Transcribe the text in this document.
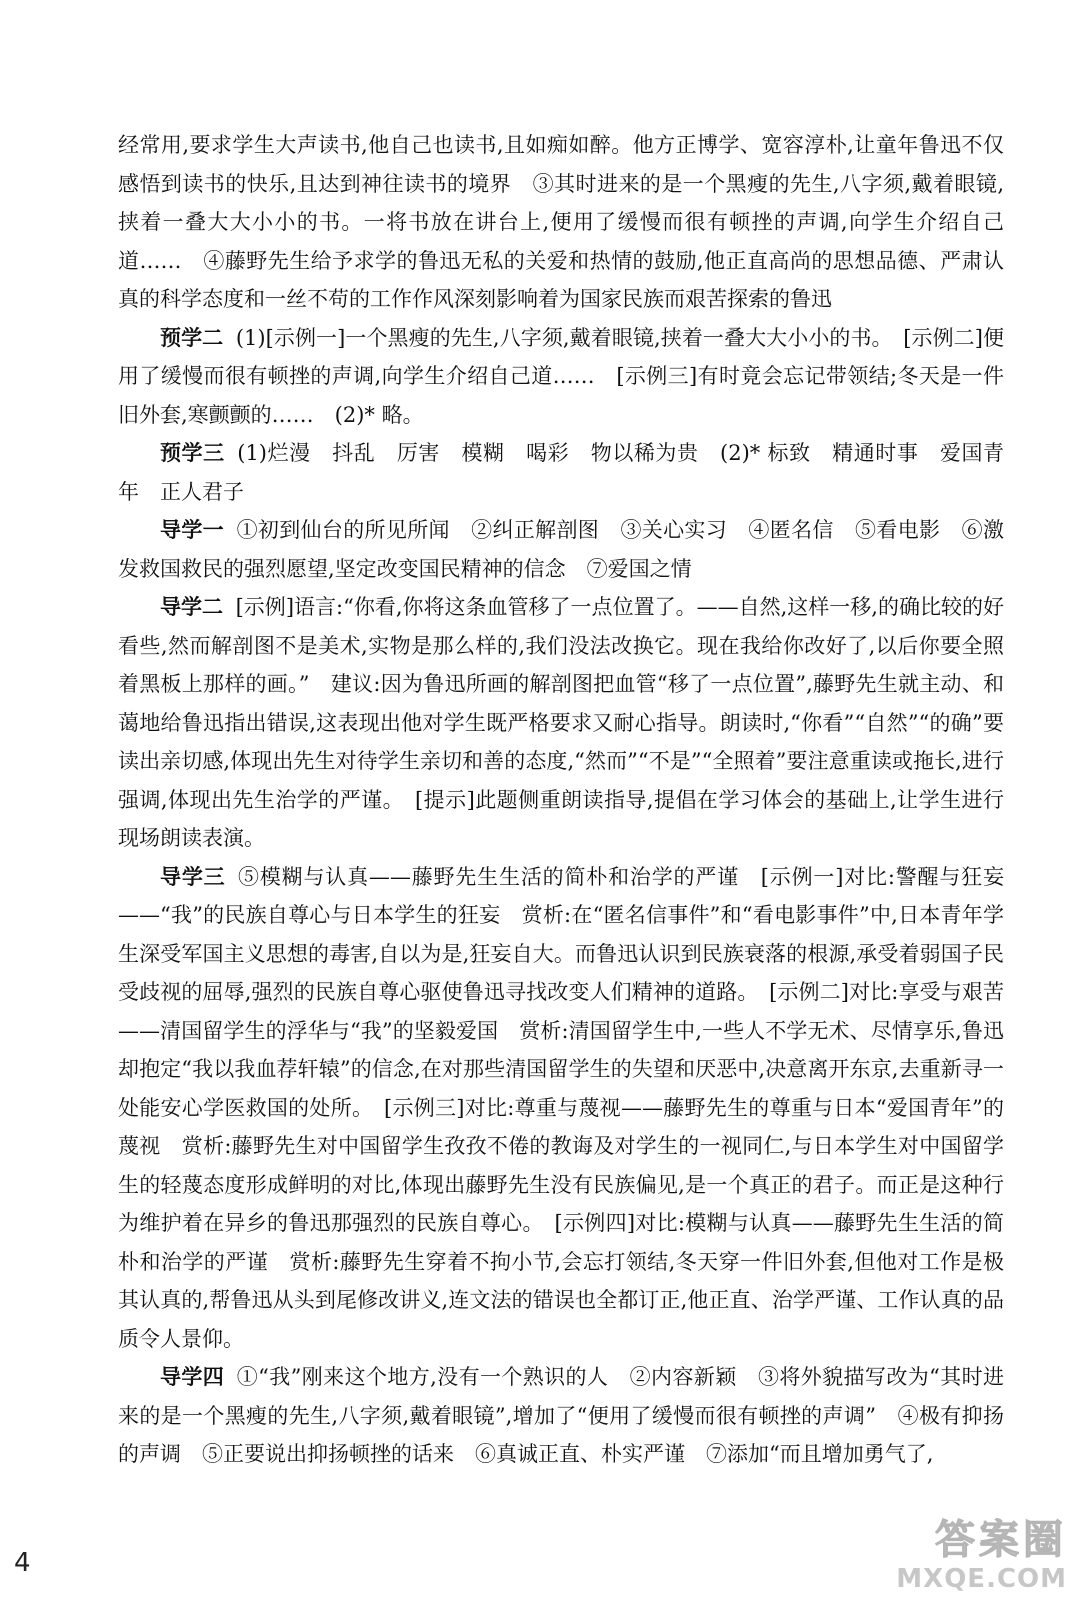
经常用,要求学生大声读书,他自己也读书,且如痴如醉。他方正博学、宽容淳朴,让童年鲁迅不仅感悟到读书的快乐,且达到神往读书的境界　③其时进来的是一个黑瘦的先生,八字须,戴着眼镜,挟着一叠大大小小的书。一将书放在讲台上,便用了缓慢而很有顿挫的声调,向学生介绍自己道……　④藤野先生给予求学的鲁迅无私的关爱和热情的鼓励,他正直高尚的思想品德、严肃认真的科学态度和一丝不苟的工作作风深刻影响着为国家民族而艰苦探索的鲁迅

预学二 (1)[示例一]一个黑瘦的先生,八字须,戴着眼镜,挟着一叠大大小小的书。　[示例二]便用了缓慢而很有顿挫的声调,向学生介绍自己道……　[示例三]有时竟会忘记带领结;冬天是一件旧外套,寒颤颤的……　(2)* 略。

预学三 (1)烂漫　抖乱　厉害　模糊　喝彩　物以稀为贵　(2)* 标致　精通时事　爱国青年　正人君子

导学一 ①初到仙台的所见所闻　②纠正解剖图　③关心实习　④匿名信　⑤看电影　⑥激发救国救民的强烈愿望,坚定改变国民精神的信念　⑦爱国之情

导学二 [示例]语言:“你看,你将这条血管移了一点位置了。——自然,这样一移,的确比较的好看些,然而解剖图不是美术,实物是那么样的,我们没法改换它。现在我给你改好了,以后你要全照着黑板上那样的画。”　建议:因为鲁迅所画的解剖图把血管“移了一点位置”,藤野先生就主动、和蔼地给鲁迅指出错误,这表现出他对学生既严格要求又耐心指导。朗读时,“你看”“自然”“的确”要读出亲切感,体现出先生对待学生亲切和善的态度,“然而”“不是”“全照着”要注意重读或拖长,进行强调,体现出先生治学的严谨。　[提示]此题侧重朗读指导,提倡在学习体会的基础上,让学生进行现场朗读表演。

导学三 ⑤模糊与认真——藤野先生生活的简朴和治学的严谨　[示例一]对比:警醒与狂妄——“我”的民族自尊心与日本学生的狂妄　赏析:在“匿名信事件”和“看电影事件”中,日本青年学生深受军国主义思想的毒害,自以为是,狂妄自大。而鲁迅认识到民族衰落的根源,承受着弱国子民受歧视的屈辱,强烈的民族自尊心驱使鲁迅寻找改变人们精神的道路。　[示例二]对比:享受与艰苦——清国留学生的浮华与“我”的坚毅爱国　赏析:清国留学生中,一些人不学无术、尽情享乐,鲁迅却抱定“我以我血荐轩辕”的信念,在对那些清国留学生的失望和厌恶中,决意离开东京,去重新寻一处能安心学医救国的处所。　[示例三]对比:尊重与蔑视——藤野先生的尊重与日本“爱国青年”的蔑视　赏析:藤野先生对中国留学生孜孜不倦的教诲及对学生的一视同仁,与日本学生对中国留学生的轻蔑态度形成鲜明的对比,体现出藤野先生没有民族偏见,是一个真正的君子。而正是这种行为维护着在异乡的鲁迅那强烈的民族自尊心。　[示例四]对比:模糊与认真——藤野先生生活的简朴和治学的严谨　赏析:藤野先生穿着不拘小节,会忘打领结,冬天穿一件旧外套,但他对工作是极其认真的,帮鲁迅从头到尾修改讲义,连文法的错误也全都订正,他正直、治学严谨、工作认真的品质令人景仰。

导学四 ①“我”刚来这个地方,没有一个熟识的人　②内容新颖　③将外貌描写改为“其时进来的是一个黑瘦的先生,八字须,戴着眼镜”,增加了“便用了缓慢而很有顿挫的声调”　④极有抑扬的声调　⑤正要说出抑扬顿挫的话来　⑥真诚正直、朴实严谨　⑦添加“而且增加勇气了,

4	答案圈
MXQE.COM
